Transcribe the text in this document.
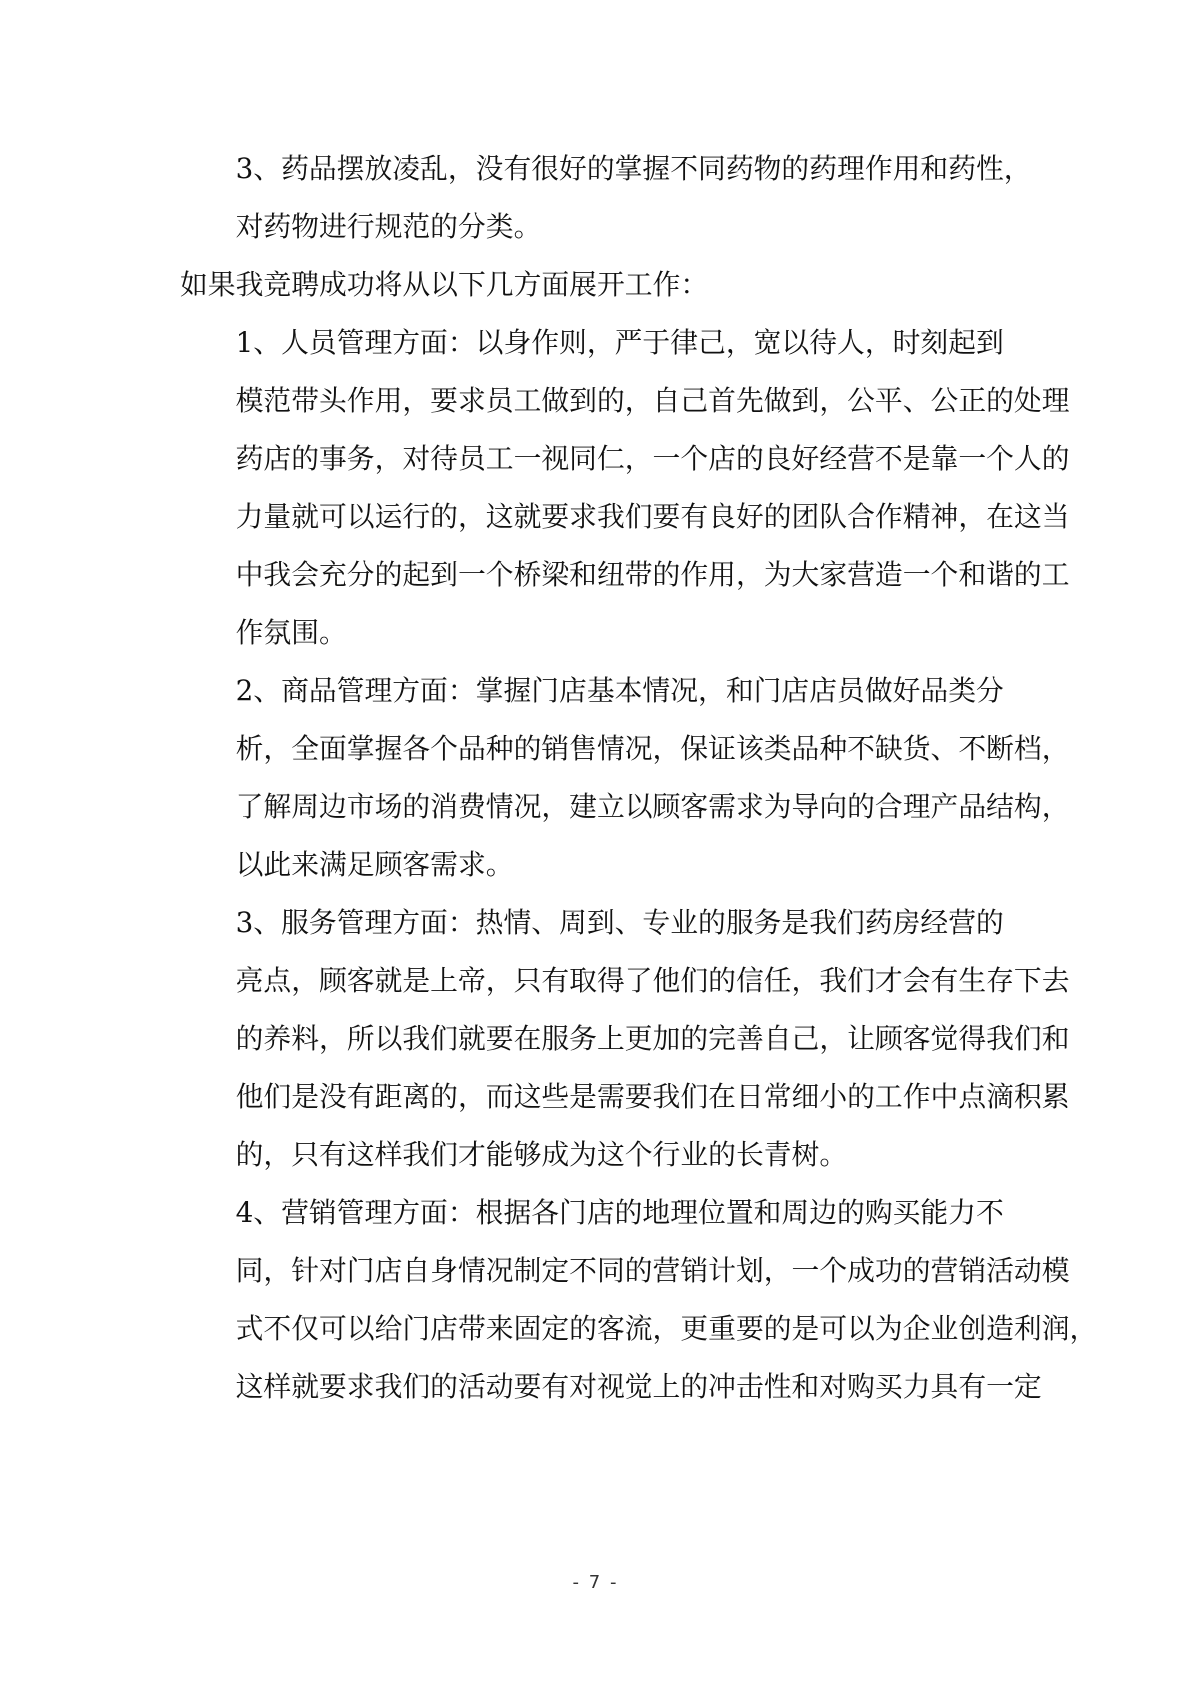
3、药品摆放凌乱，没有很好的掌握不同药物的药理作用和药性，
对药物进行规范的分类。

如果我竞聘成功将从以下几方面展开工作：

1、人员管理方面：以身作则，严于律己，宽以待人，时刻起到
模范带头作用，要求员工做到的，自己首先做到，公平、公正的处理
药店的事务，对待员工一视同仁，一个店的良好经营不是靠一个人的
力量就可以运行的，这就要求我们要有良好的团队合作精神，在这当
中我会充分的起到一个桥梁和纽带的作用，为大家营造一个和谐的工
作氛围。

2、商品管理方面：掌握门店基本情况，和门店店员做好品类分
析，全面掌握各个品种的销售情况，保证该类品种不缺货、不断档，
了解周边市场的消费情况，建立以顾客需求为导向的合理产品结构，
以此来满足顾客需求。

3、服务管理方面：热情、周到、专业的服务是我们药房经营的
亮点，顾客就是上帝，只有取得了他们的信任，我们才会有生存下去
的养料，所以我们就要在服务上更加的完善自己，让顾客觉得我们和
他们是没有距离的，而这些是需要我们在日常细小的工作中点滴积累
的，只有这样我们才能够成为这个行业的长青树。

4、营销管理方面：根据各门店的地理位置和周边的购买能力不
同，针对门店自身情况制定不同的营销计划，一个成功的营销活动模
式不仅可以给门店带来固定的客流，更重要的是可以为企业创造利润，
这样就要求我们的活动要有对视觉上的冲击性和对购买力具有一定

- 7 -
